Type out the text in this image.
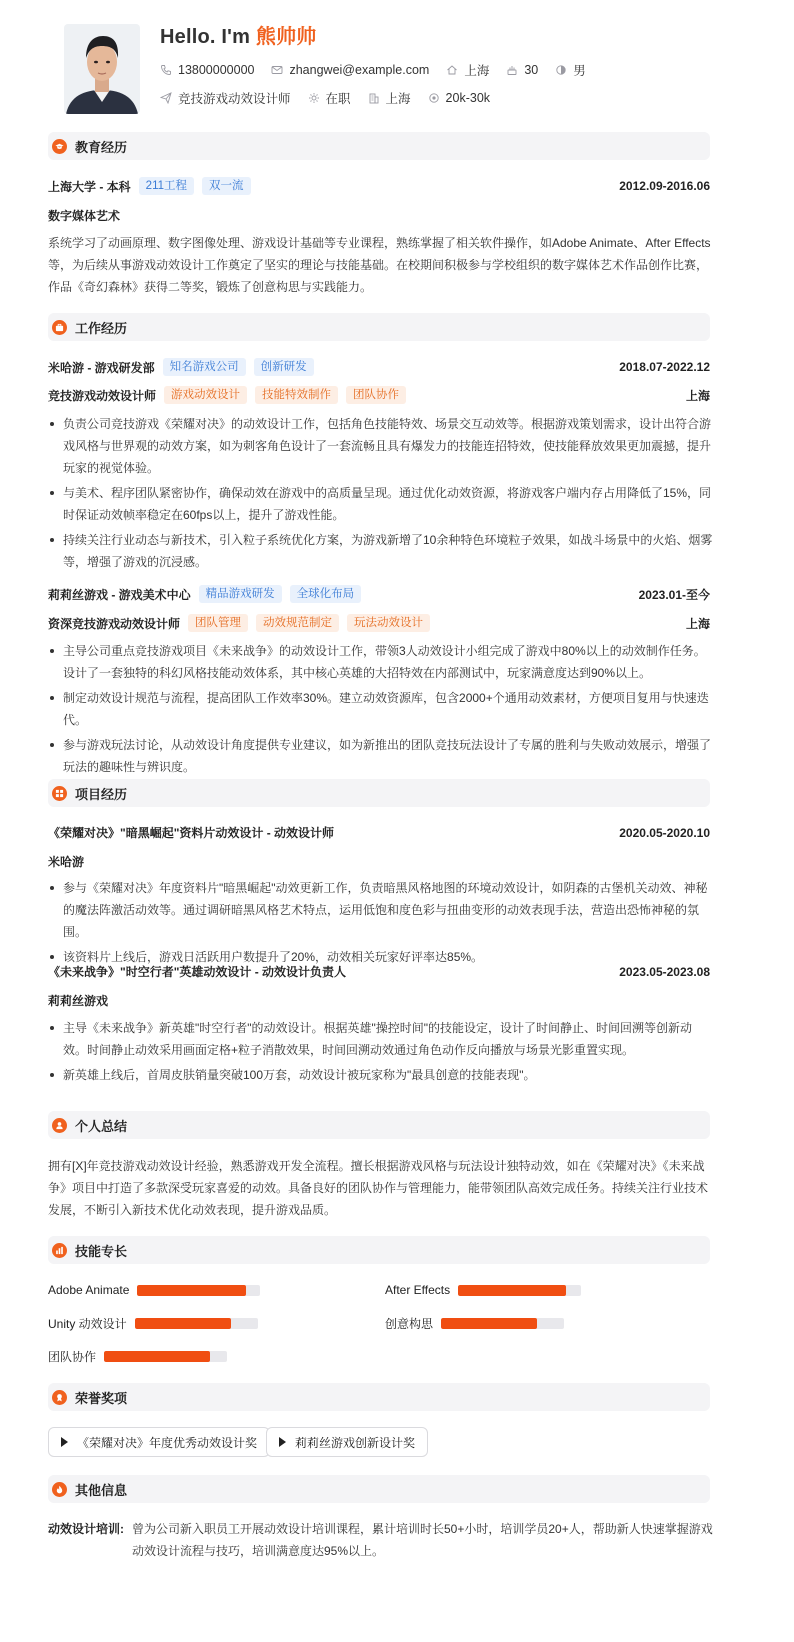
Hello. I'm 熊帅帅
13800000000	zhangwei@example.com	上海	30	男
竞技游戏动效设计师	在职	上海	20k-30k
教育经历
上海大学 - 本科	211工程	双一流	2012.09-2016.06
数字媒体艺术
系统学习了动画原理、数字图像处理、游戏设计基础等专业课程，熟练掌握了相关软件操作，如Adobe Animate、After Effects等，为后续从事游戏动效设计工作奠定了坚实的理论与技能基础。在校期间积极参与学校组织的数字媒体艺术作品创作比赛，作品《奇幻森林》获得二等奖，锻炼了创意构思与实践能力。
工作经历
米哈游 - 游戏研发部	知名游戏公司	创新研发	2018.07-2022.12
竞技游戏动效设计师	游戏动效设计	技能特效制作	团队协作	上海
负责公司竞技游戏《荣耀对决》的动效设计工作，包括角色技能特效、场景交互动效等。根据游戏策划需求，设计出符合游戏风格与世界观的动效方案，如为刺客角色设计了一套流畅且具有爆发力的技能连招特效，使技能释放效果更加震撼，提升玩家的视觉体验。
与美术、程序团队紧密协作，确保动效在游戏中的高质量呈现。通过优化动效资源，将游戏客户端内存占用降低了15%，同时保证动效帧率稳定在60fps以上，提升了游戏性能。
持续关注行业动态与新技术，引入粒子系统优化方案，为游戏新增了10余种特色环境粒子效果，如战斗场景中的火焰、烟雾等，增强了游戏的沉浸感。
莉莉丝游戏 - 游戏美术中心	精品游戏研发	全球化布局	2023.01-至今
资深竞技游戏动效设计师	团队管理	动效规范制定	玩法动效设计	上海
主导公司重点竞技游戏项目《未来战争》的动效设计工作，带领3人动效设计小组完成了游戏中80%以上的动效制作任务。设计了一套独特的科幻风格技能动效体系，其中核心英雄的大招特效在内部测试中，玩家满意度达到90%以上。
制定动效设计规范与流程，提高团队工作效率30%。建立动效资源库，包含2000+个通用动效素材，方便项目复用与快速迭代。
参与游戏玩法讨论，从动效设计角度提供专业建议，如为新推出的团队竞技玩法设计了专属的胜利与失败动效展示，增强了玩法的趣味性与辨识度。
项目经历
《荣耀对决》"暗黑崛起"资料片动效设计 - 动效设计师	2020.05-2020.10
米哈游
参与《荣耀对决》年度资料片"暗黑崛起"动效更新工作，负责暗黑风格地图的环境动效设计，如阴森的古堡机关动效、神秘的魔法阵激活动效等。通过调研暗黑风格艺术特点，运用低饱和度色彩与扭曲变形的动效表现手法，营造出恐怖神秘的氛围。
该资料片上线后，游戏日活跃用户数提升了20%，动效相关玩家好评率达85%。
《未来战争》"时空行者"英雄动效设计 - 动效设计负责人	2023.05-2023.08
莉莉丝游戏
主导《未来战争》新英雄"时空行者"的动效设计。根据英雄"操控时间"的技能设定，设计了时间静止、时间回溯等创新动效。时间静止动效采用画面定格+粒子消散效果，时间回溯动效通过角色动作反向播放与场景光影重置实现。
新英雄上线后，首周皮肤销量突破100万套，动效设计被玩家称为"最具创意的技能表现"。
个人总结
拥有[X]年竞技游戏动效设计经验，熟悉游戏开发全流程。擅长根据游戏风格与玩法设计独特动效，如在《荣耀对决》《未来战争》项目中打造了多款深受玩家喜爱的动效。具备良好的团队协作与管理能力，能带领团队高效完成任务。持续关注行业技术发展，不断引入新技术优化动效表现，提升游戏品质。
技能专长
Adobe Animate	After Effects
Unity 动效设计	创意构思
团队协作
荣誉奖项
《荣耀对决》年度优秀动效设计奖	莉莉丝游戏创新设计奖
其他信息
动效设计培训: 曾为公司新入职员工开展动效设计培训课程，累计培训时长50+小时，培训学员20+人，帮助新人快速掌握游戏动效设计流程与技巧，培训满意度达95%以上。
